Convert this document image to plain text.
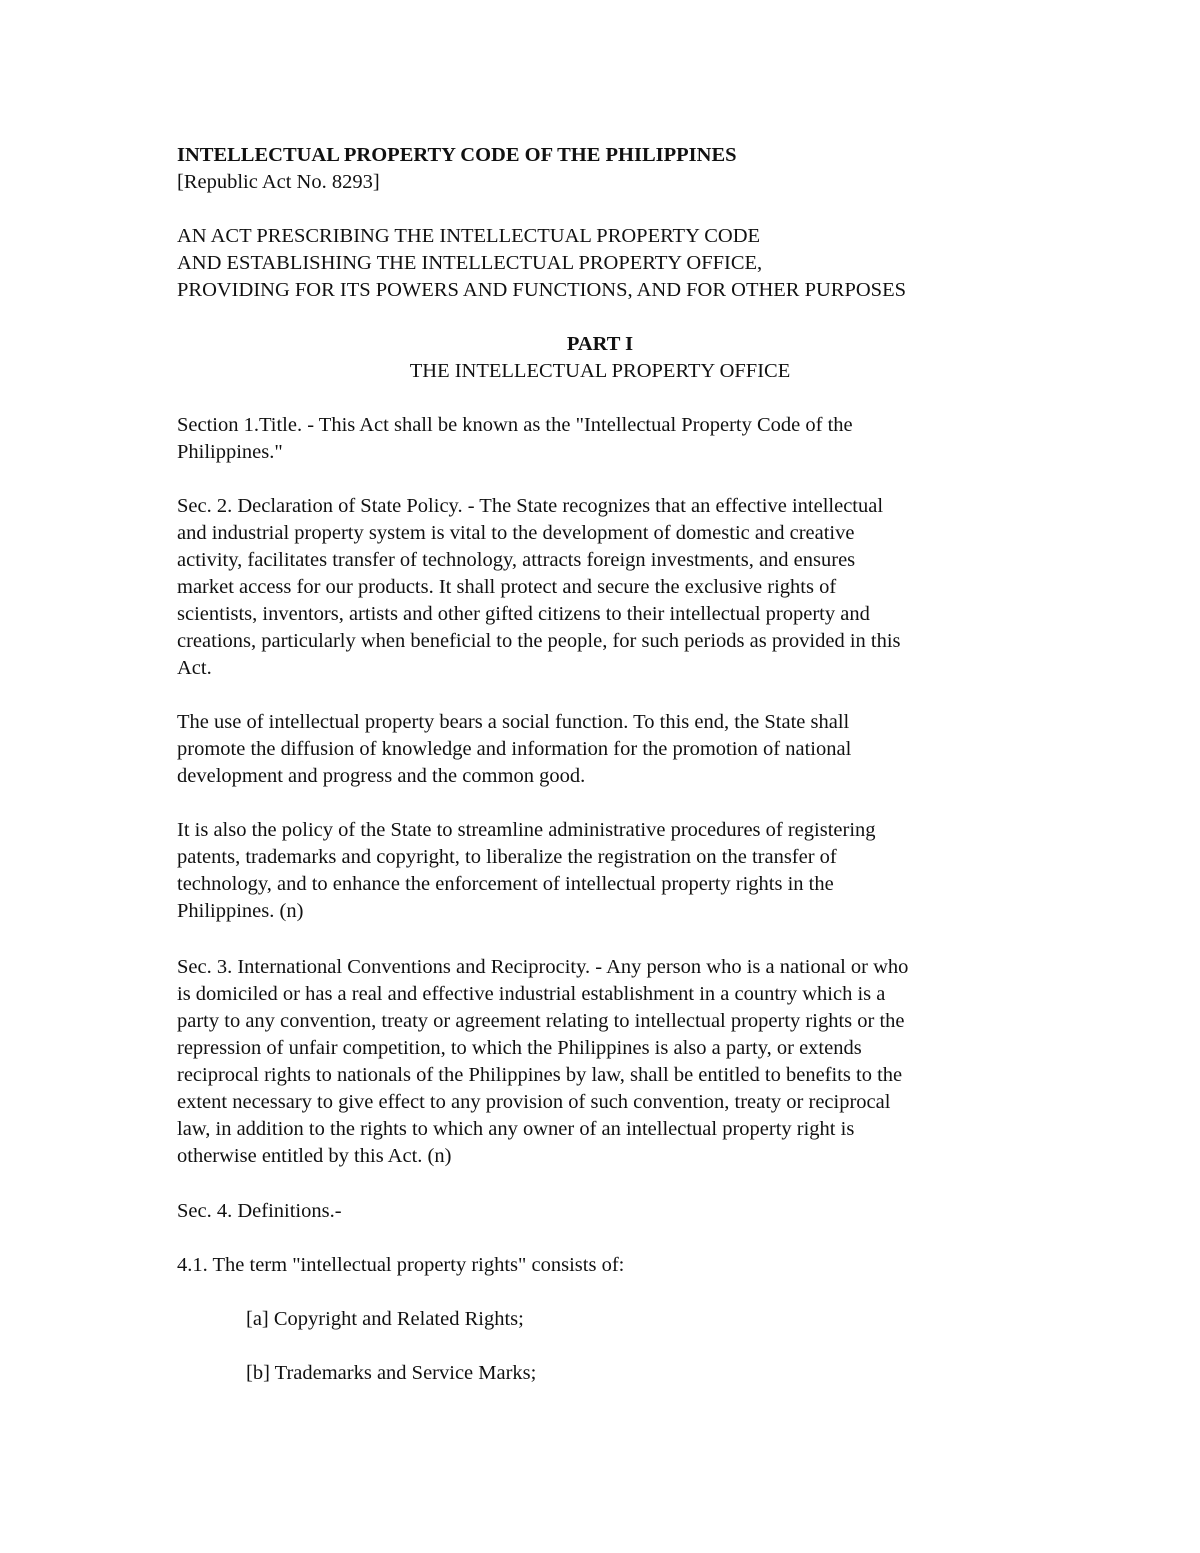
INTELLECTUAL PROPERTY CODE OF THE PHILIPPINES
[Republic Act No. 8293]
AN ACT PRESCRIBING THE INTELLECTUAL PROPERTY CODE
AND ESTABLISHING THE INTELLECTUAL PROPERTY OFFICE,
PROVIDING FOR ITS POWERS AND FUNCTIONS, AND FOR OTHER PURPOSES
PART I
THE INTELLECTUAL PROPERTY OFFICE
Section 1.Title. - This Act shall be known as the "Intellectual Property Code of the
Philippines."
Sec. 2. Declaration of State Policy. - The State recognizes that an effective intellectual
and industrial property system is vital to the development of domestic and creative
activity, facilitates transfer of technology, attracts foreign investments, and ensures
market access for our products. It shall protect and secure the exclusive rights of
scientists, inventors, artists and other gifted citizens to their intellectual property and
creations, particularly when beneficial to the people, for such periods as provided in this
Act.
The use of intellectual property bears a social function. To this end, the State shall
promote the diffusion of knowledge and information for the promotion of national
development and progress and the common good.
It is also the policy of the State to streamline administrative procedures of registering
patents, trademarks and copyright, to liberalize the registration on the transfer of
technology, and to enhance the enforcement of intellectual property rights in the
Philippines. (n)
Sec. 3. International Conventions and Reciprocity. - Any person who is a national or who
is domiciled or has a real and effective industrial establishment in a country which is a
party to any convention, treaty or agreement relating to intellectual property rights or the
repression of unfair competition, to which the Philippines is also a party, or extends
reciprocal rights to nationals of the Philippines by law, shall be entitled to benefits to the
extent necessary to give effect to any provision of such convention, treaty or reciprocal
law, in addition to the rights to which any owner of an intellectual property right is
otherwise entitled by this Act. (n)
Sec. 4. Definitions.-
4.1. The term "intellectual property rights" consists of:
[a] Copyright and Related Rights;
[b] Trademarks and Service Marks;
